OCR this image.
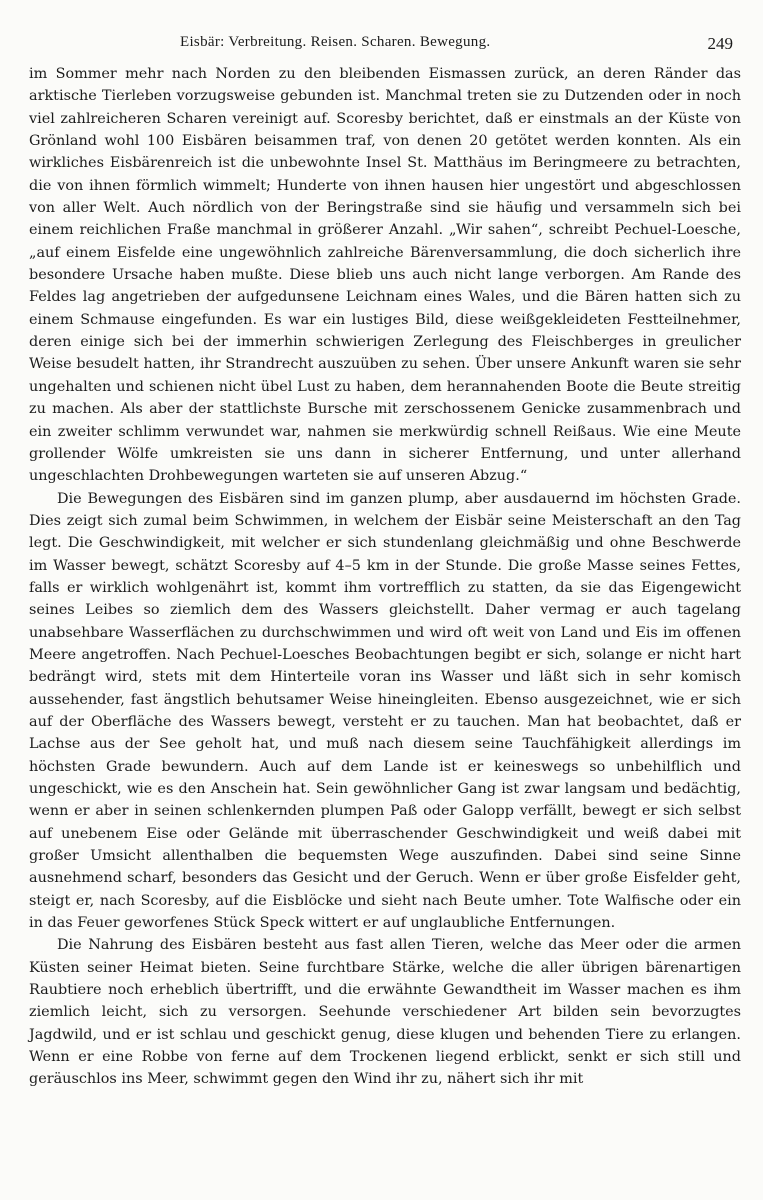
Eisbär: Verbreitung. Reisen. Scharen. Bewegung.	249

im Sommer mehr nach Norden zu den bleibenden Eismassen zurück, an deren Ränder das arktische Tierleben vorzugsweise gebunden ist. Manchmal treten sie zu Dutzenden oder in noch viel zahlreicheren Scharen vereinigt auf. Scoresby berichtet, daß er einstmals an der Küste von Grönland wohl 100 Eisbären beisammen traf, von denen 20 getötet werden konnten. Als ein wirkliches Eisbärenreich ist die unbewohnte Insel St. Matthäus im Beringmeere zu betrachten, die von ihnen förmlich wimmelt; Hunderte von ihnen hausen hier ungestört und abgeschlossen von aller Welt. Auch nördlich von der Beringstraße sind sie häufig und versammeln sich bei einem reichlichen Fraße manchmal in größerer Anzahl. „Wir sahen“, schreibt Pechuel-Loesche, „auf einem Eisfelde eine ungewöhnlich zahlreiche Bärenversammlung, die doch sicherlich ihre besondere Ursache haben mußte. Diese blieb uns auch nicht lange verborgen. Am Rande des Feldes lag angetrieben der aufgedunsene Leichnam eines Wales, und die Bären hatten sich zu einem Schmause eingefunden. Es war ein lustiges Bild, diese weißgekleideten Festteilnehmer, deren einige sich bei der immerhin schwierigen Zerlegung des Fleischberges in greulicher Weise besudelt hatten, ihr Strandrecht auszuüben zu sehen. Über unsere Ankunft waren sie sehr ungehalten und schienen nicht übel Lust zu haben, dem herannahenden Boote die Beute streitig zu machen. Als aber der stattlichste Bursche mit zerschossenem Genicke zusammenbrach und ein zweiter schlimm verwundet war, nahmen sie merkwürdig schnell Reißaus. Wie eine Meute grollender Wölfe umkreisten sie uns dann in sicherer Entfernung, und unter allerhand ungeschlachten Drohbewegungen warteten sie auf unseren Abzug.“

Die Bewegungen des Eisbären sind im ganzen plump, aber ausdauernd im höchsten Grade. Dies zeigt sich zumal beim Schwimmen, in welchem der Eisbär seine Meisterschaft an den Tag legt. Die Geschwindigkeit, mit welcher er sich stundenlang gleichmäßig und ohne Beschwerde im Wasser bewegt, schätzt Scoresby auf 4–5 km in der Stunde. Die große Masse seines Fettes, falls er wirklich wohlgenährt ist, kommt ihm vortrefflich zu statten, da sie das Eigengewicht seines Leibes so ziemlich dem des Wassers gleichstellt. Daher vermag er auch tagelang unabsehbare Wasserflächen zu durchschwimmen und wird oft weit von Land und Eis im offenen Meere angetroffen. Nach Pechuel-Loesches Beobachtungen begibt er sich, solange er nicht hart bedrängt wird, stets mit dem Hinterteile voran ins Wasser und läßt sich in sehr komisch aussehender, fast ängstlich behutsamer Weise hineingleiten. Ebenso ausgezeichnet, wie er sich auf der Oberfläche des Wassers bewegt, versteht er zu tauchen. Man hat beobachtet, daß er Lachse aus der See geholt hat, und muß nach diesem seine Tauchfähigkeit allerdings im höchsten Grade bewundern. Auch auf dem Lande ist er keineswegs so unbehilflich und ungeschickt, wie es den Anschein hat. Sein gewöhnlicher Gang ist zwar langsam und bedächtig, wenn er aber in seinen schlenkernden plumpen Paß oder Galopp verfällt, bewegt er sich selbst auf unebenem Eise oder Gelände mit überraschender Geschwindigkeit und weiß dabei mit großer Umsicht allenthalben die bequemsten Wege auszufinden. Dabei sind seine Sinne ausnehmend scharf, besonders das Gesicht und der Geruch. Wenn er über große Eisfelder geht, steigt er, nach Scoresby, auf die Eisblöcke und sieht nach Beute umher. Tote Walfische oder ein in das Feuer geworfenes Stück Speck wittert er auf unglaubliche Entfernungen.

Die Nahrung des Eisbären besteht aus fast allen Tieren, welche das Meer oder die armen Küsten seiner Heimat bieten. Seine furchtbare Stärke, welche die aller übrigen bärenartigen Raubtiere noch erheblich übertrifft, und die erwähnte Gewandtheit im Wasser machen es ihm ziemlich leicht, sich zu versorgen. Seehunde verschiedener Art bilden sein bevorzugtes Jagdwild, und er ist schlau und geschickt genug, diese klugen und behenden Tiere zu erlangen. Wenn er eine Robbe von ferne auf dem Trockenen liegend erblickt, senkt er sich still und geräuschlos ins Meer, schwimmt gegen den Wind ihr zu, nähert sich ihr mit
